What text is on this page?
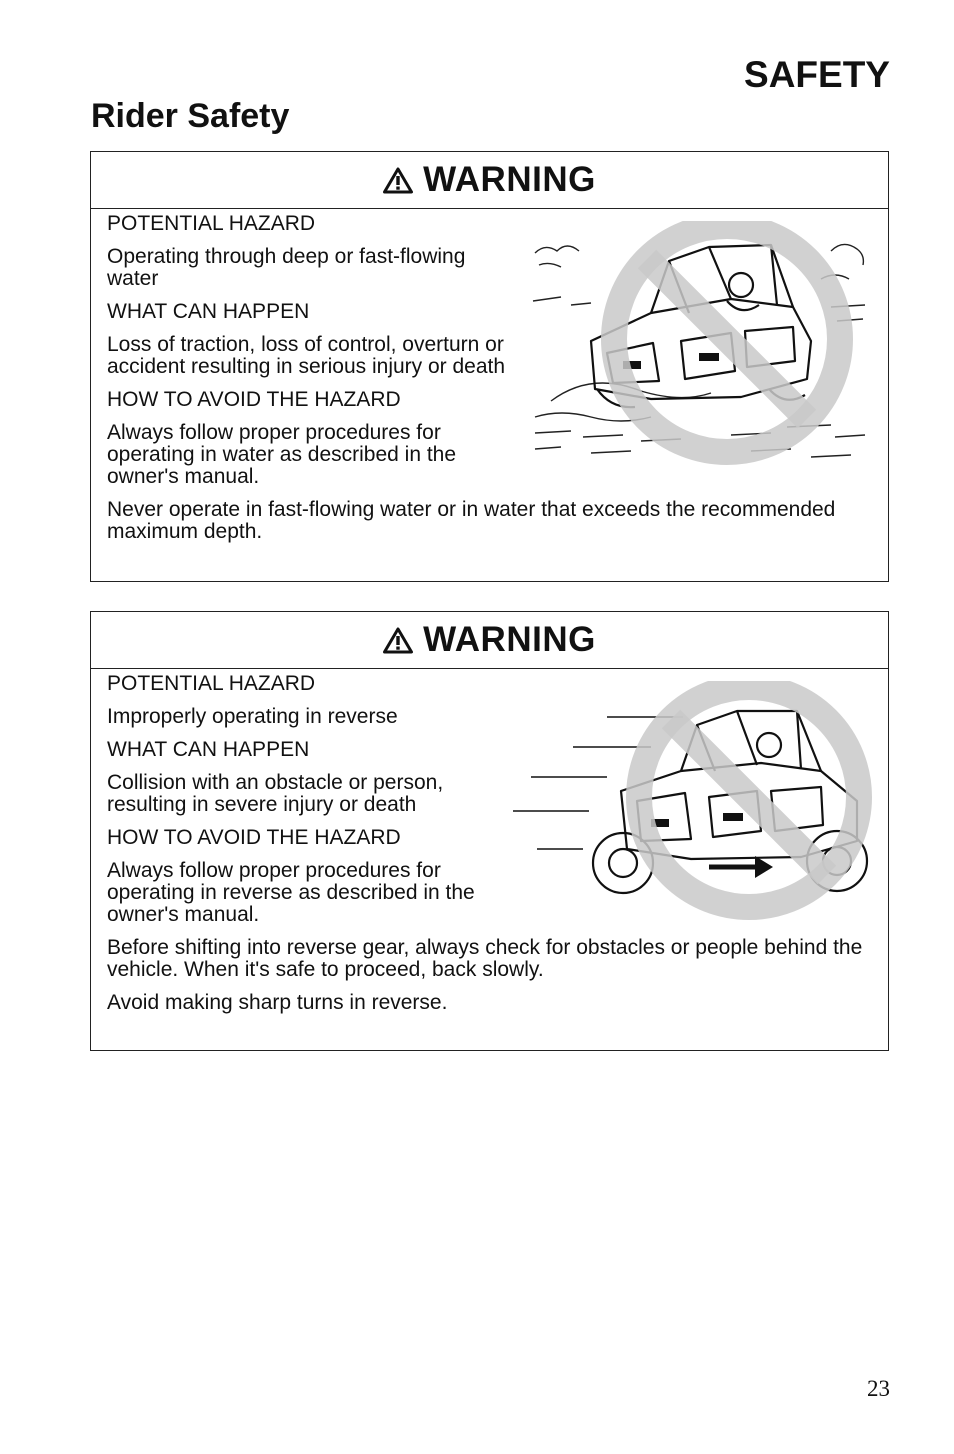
SAFETY
Rider Safety
WARNING

POTENTIAL HAZARD

Operating through deep or fast-flowing water

WHAT CAN HAPPEN

Loss of traction, loss of control, overturn or accident resulting in serious injury or death

HOW TO AVOID THE HAZARD

Always follow proper procedures for operating in water as described in the owner's manual.

Never operate in fast-flowing water or in water that exceeds the recommended maximum depth.

WARNING

POTENTIAL HAZARD

Improperly operating in reverse

WHAT CAN HAPPEN

Collision with an obstacle or person, resulting in severe injury or death

HOW TO AVOID THE HAZARD

Always follow proper procedures for operating in reverse as described in the owner's manual.

Before shifting into reverse gear, always check for obstacles or people behind the vehicle. When it's safe to proceed, back slowly.

Avoid making sharp turns in reverse.

23
